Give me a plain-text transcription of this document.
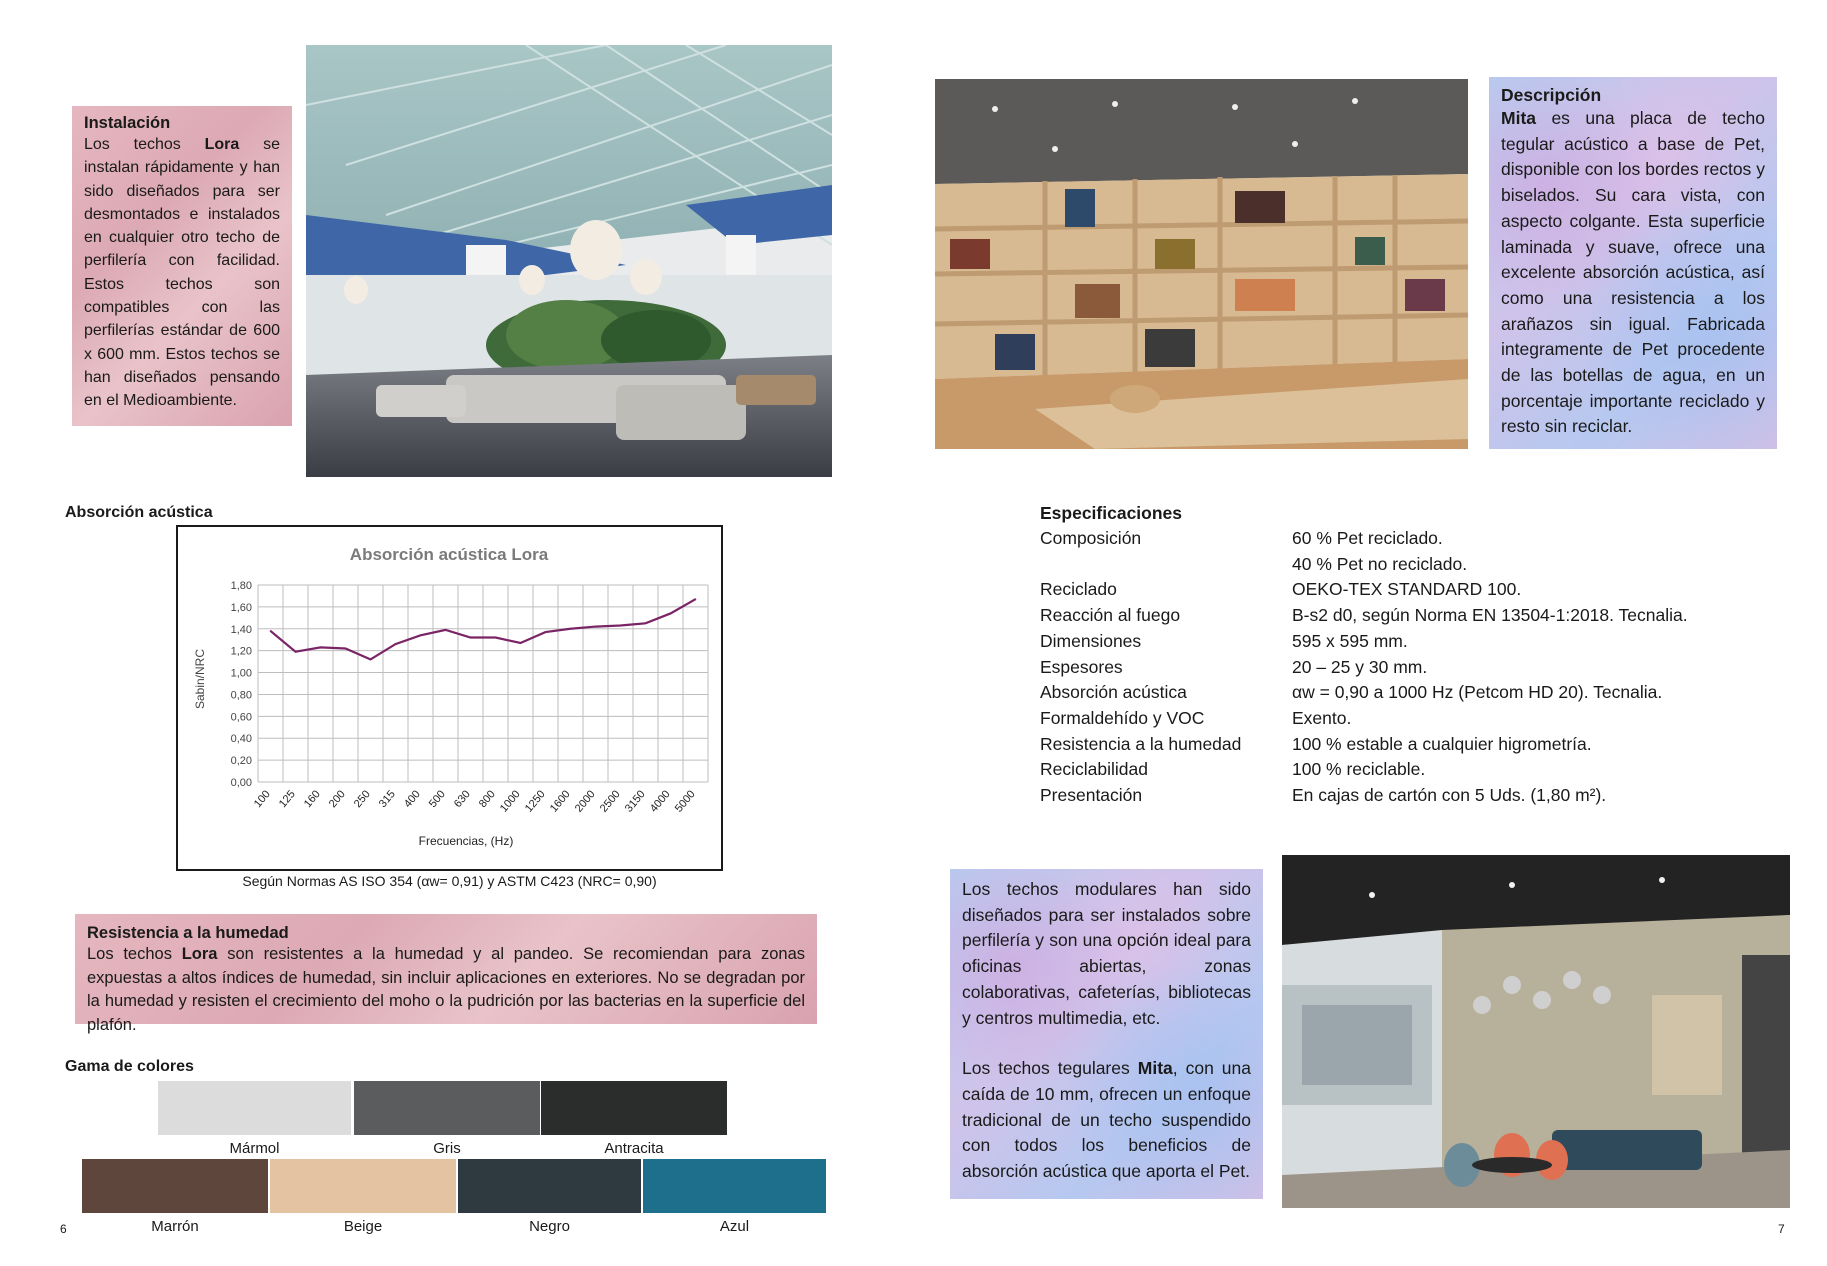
Instalación
Los techos Lora se instalan rápidamente y han sido diseñados para ser desmontados e instalados en cualquier otro techo de perfilería con facilidad. Estos techos son compatibles con las perfilerías estándar de 600 x 600 mm. Estos techos se han diseñados pensando en el Medioambiente.
Absorción acústica
Absorción acústica Lora
Sabin/NRC
Frecuencias, (Hz)
0,00
0,20
0,40
0,60
0,80
1,00
1,20
1,40
1,60
1,80
100 125 160 200 250 315 400 500 630 800 1000 1250 1600 2000 2500 3150 4000 5000
Según Normas AS ISO 354 (αw= 0,91) y ASTM C423 (NRC= 0,90)
Resistencia a la humedad
Los techos Lora son resistentes a la humedad y al pandeo. Se recomiendan para zonas expuestas a altos índices de humedad, sin incluir aplicaciones en exteriores. No se degradan por la humedad y resisten el crecimiento del moho o la pudrición por las bacterias en la superficie del plafón.
Gama de colores
Mármol	Gris	Antracita
Marrón	Beige	Negro	Azul
6
Descripción
Mita es una placa de techo tegular acústico a base de Pet, disponible con los bordes rectos y biselados. Su cara vista, con aspecto colgante. Esta superficie laminada y suave, ofrece una excelente absorción acústica, así como una resistencia a los arañazos sin igual. Fabricada integramente de Pet procedente de las botellas de agua, en un porcentaje importante reciclado y resto sin reciclar.
Especificaciones
Composición	60 % Pet reciclado.
40 % Pet no reciclado.
Reciclado	OEKO-TEX STANDARD 100.
Reacción al fuego	B-s2 d0, según Norma EN 13504-1:2018. Tecnalia.
Dimensiones	595 x 595 mm.
Espesores	20 – 25 y 30 mm.
Absorción acústica	αw = 0,90 a 1000 Hz (Petcom HD 20). Tecnalia.
Formaldehído y VOC	Exento.
Resistencia a la humedad	100 % estable a cualquier higrometría.
Reciclabilidad	100 % reciclable.
Presentación	En cajas de cartón con 5 Uds. (1,80 m²).
Los techos modulares han sido diseñados para ser instalados sobre perfilería y son una opción ideal para oficinas abiertas, zonas colaborativas, cafeterías, bibliotecas y centros multimedia, etc.
Los techos tegulares Mita, con una caída de 10 mm, ofrecen un enfoque tradicional de un techo suspendido con todos los beneficios de absorción acústica que aporta el Pet.
7
